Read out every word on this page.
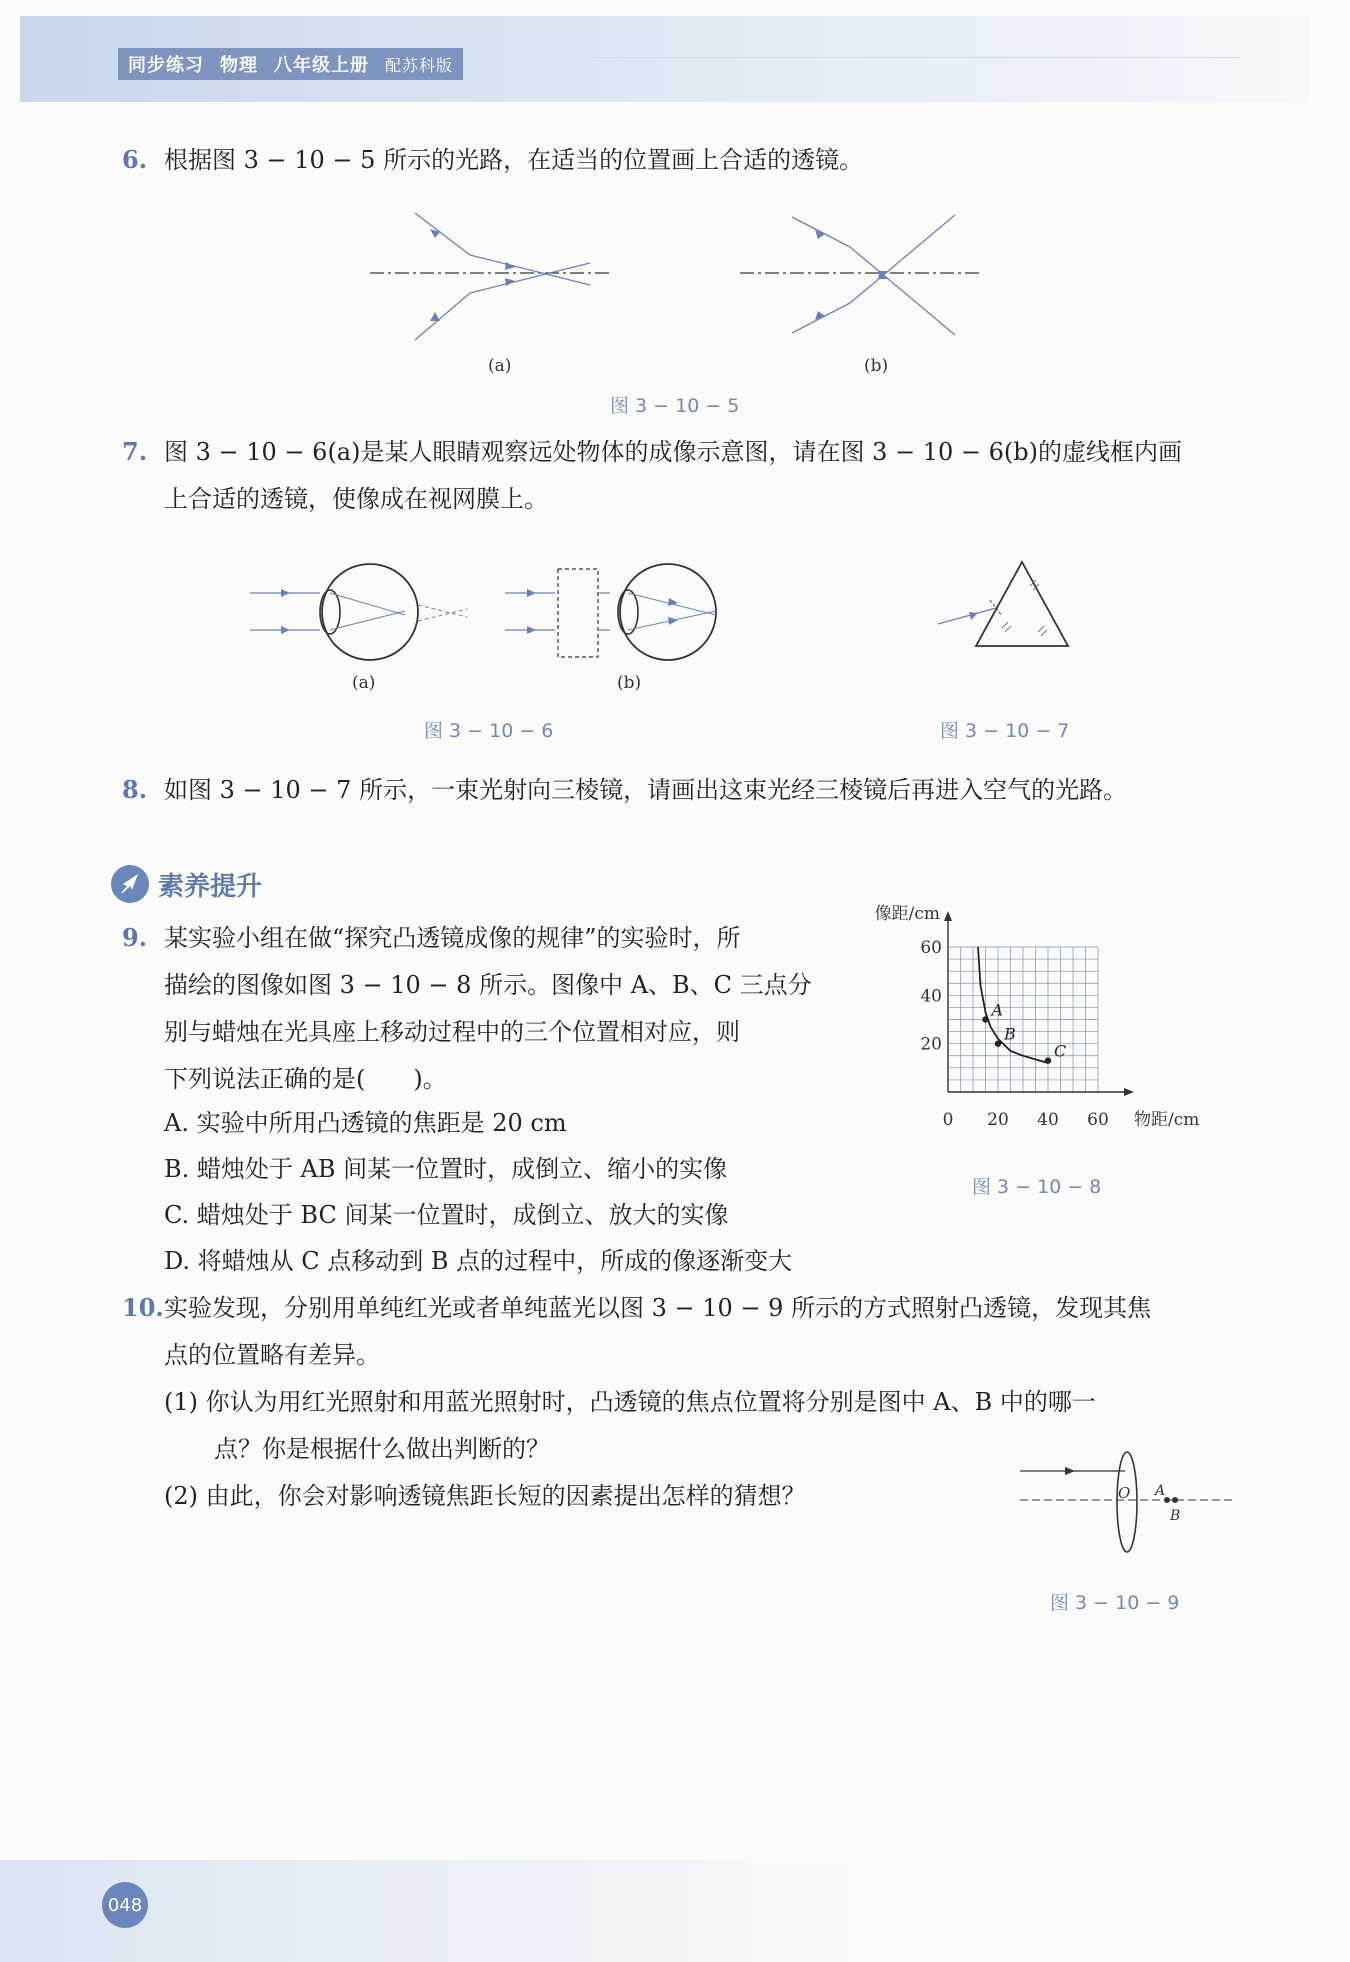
同步练习 物理 八年级上册 配苏科版
6. 根据图 3 − 10 − 5 所示的光路，在适当的位置画上合适的透镜。
(a)	(b)
图 3 − 10 − 5
7. 图 3 − 10 − 6(a)是某人眼睛观察远处物体的成像示意图，请在图 3 − 10 − 6(b)的虚线框内画
上合适的透镜，使像成在视网膜上。
(a)	(b)
图 3 − 10 − 6	图 3 − 10 − 7
8. 如图 3 − 10 − 7 所示，一束光射向三棱镜，请画出这束光经三棱镜后再进入空气的光路。
素养提升
9. 某实验小组在做“探究凸透镜成像的规律”的实验时，所
描绘的图像如图 3 − 10 − 8 所示。图像中 A、B、C 三点分
别与蜡烛在光具座上移动过程中的三个位置相对应，则
下列说法正确的是(　　)。
A. 实验中所用凸透镜的焦距是 20 cm
B. 蜡烛处于 AB 间某一位置时，成倒立、缩小的实像
C. 蜡烛处于 BC 间某一位置时，成倒立、放大的实像
D. 将蜡烛从 C 点移动到 B 点的过程中，所成的像逐渐变大
像距/cm
物距/cm
0 20 40 60
20
40
60
A
B
C
图 3 − 10 − 8
10.实验发现，分别用单纯红光或者单纯蓝光以图 3 − 10 − 9 所示的方式照射凸透镜，发现其焦
点的位置略有差异。
(1) 你认为用红光照射和用蓝光照射时，凸透镜的焦点位置将分别是图中 A、B 中的哪一
点？你是根据什么做出判断的？
(2) 由此，你会对影响透镜焦距长短的因素提出怎样的猜想？	O A
B
图 3 − 10 − 9
048
